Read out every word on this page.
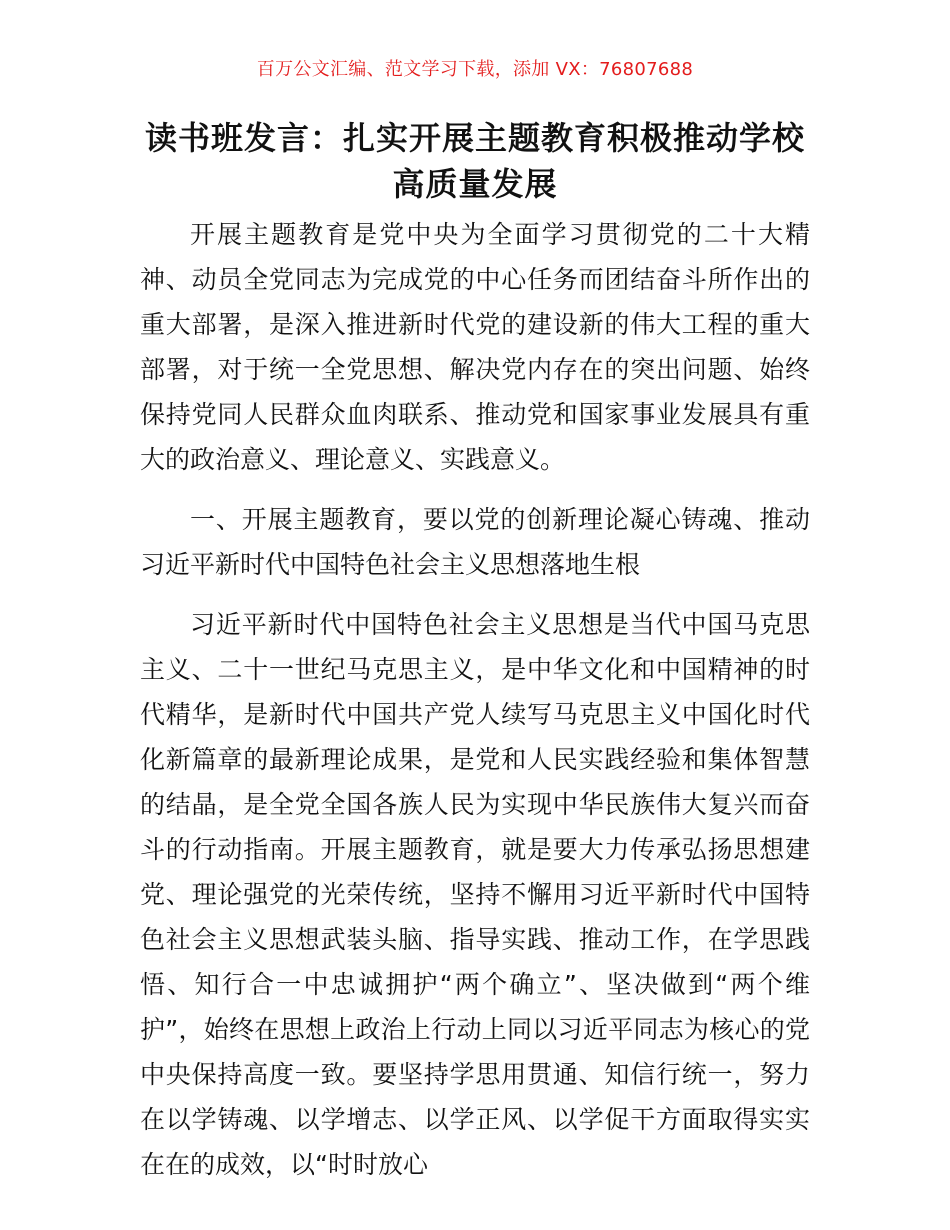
百万公文汇编、范文学习下载，添加 VX：76807688
读书班发言：扎实开展主题教育积极推动学校高质量发展

开展主题教育是党中央为全面学习贯彻党的二十大精神、动员全党同志为完成党的中心任务而团结奋斗所作出的重大部署，是深入推进新时代党的建设新的伟大工程的重大部署，对于统一全党思想、解决党内存在的突出问题、始终保持党同人民群众血肉联系、推动党和国家事业发展具有重大的政治意义、理论意义、实践意义。

一、开展主题教育，要以党的创新理论凝心铸魂、推动习近平新时代中国特色社会主义思想落地生根

习近平新时代中国特色社会主义思想是当代中国马克思主义、二十一世纪马克思主义，是中华文化和中国精神的时代精华，是新时代中国共产党人续写马克思主义中国化时代化新篇章的最新理论成果，是党和人民实践经验和集体智慧的结晶，是全党全国各族人民为实现中华民族伟大复兴而奋斗的行动指南。开展主题教育，就是要大力传承弘扬思想建党、理论强党的光荣传统，坚持不懈用习近平新时代中国特色社会主义思想武装头脑、指导实践、推动工作，在学思践悟、知行合一中忠诚拥护“两个确立”、坚决做到“两个维护”，始终在思想上政治上行动上同以习近平同志为核心的党中央保持高度一致。要坚持学思用贯通、知信行统一，努力在以学铸魂、以学增志、以学正风、以学促干方面取得实实在在的成效，以“时时放心
